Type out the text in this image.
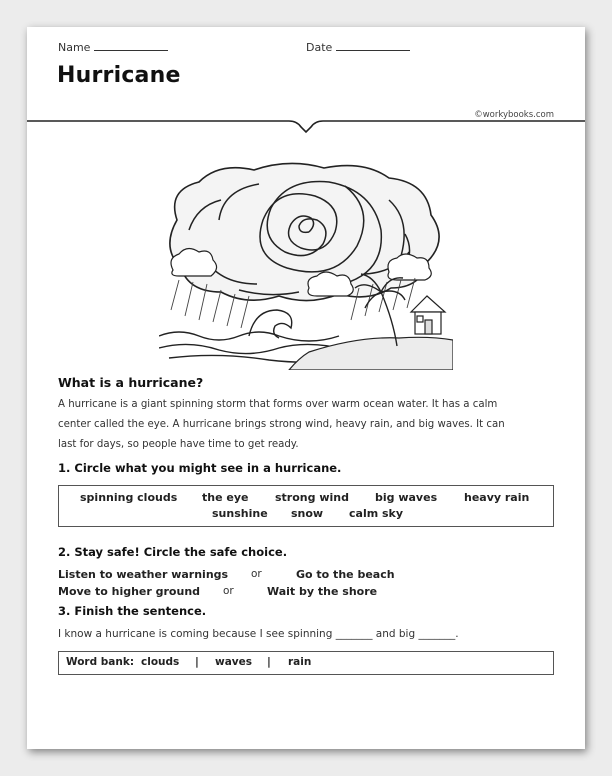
Name	Date
Hurricane
©workybooks.com
What is a hurricane?
A hurricane is a giant spinning storm that forms over warm ocean water. It has a calm
center called the eye. A hurricane brings strong wind, heavy rain, and big waves. It can
last for days, so people have time to get ready.
1. Circle what you might see in a hurricane.
spinning clouds the eye strong wind big waves heavy rain
sunshine snow calm sky
2. Stay safe! Circle the safe choice.
Listen to weather warnings or	Go to the beach
Move to higher ground or	Wait by the shore
3. Finish the sentence.
I know a hurricane is coming because I see spinning _______ and big _______.
Word bank: clouds | waves | rain
